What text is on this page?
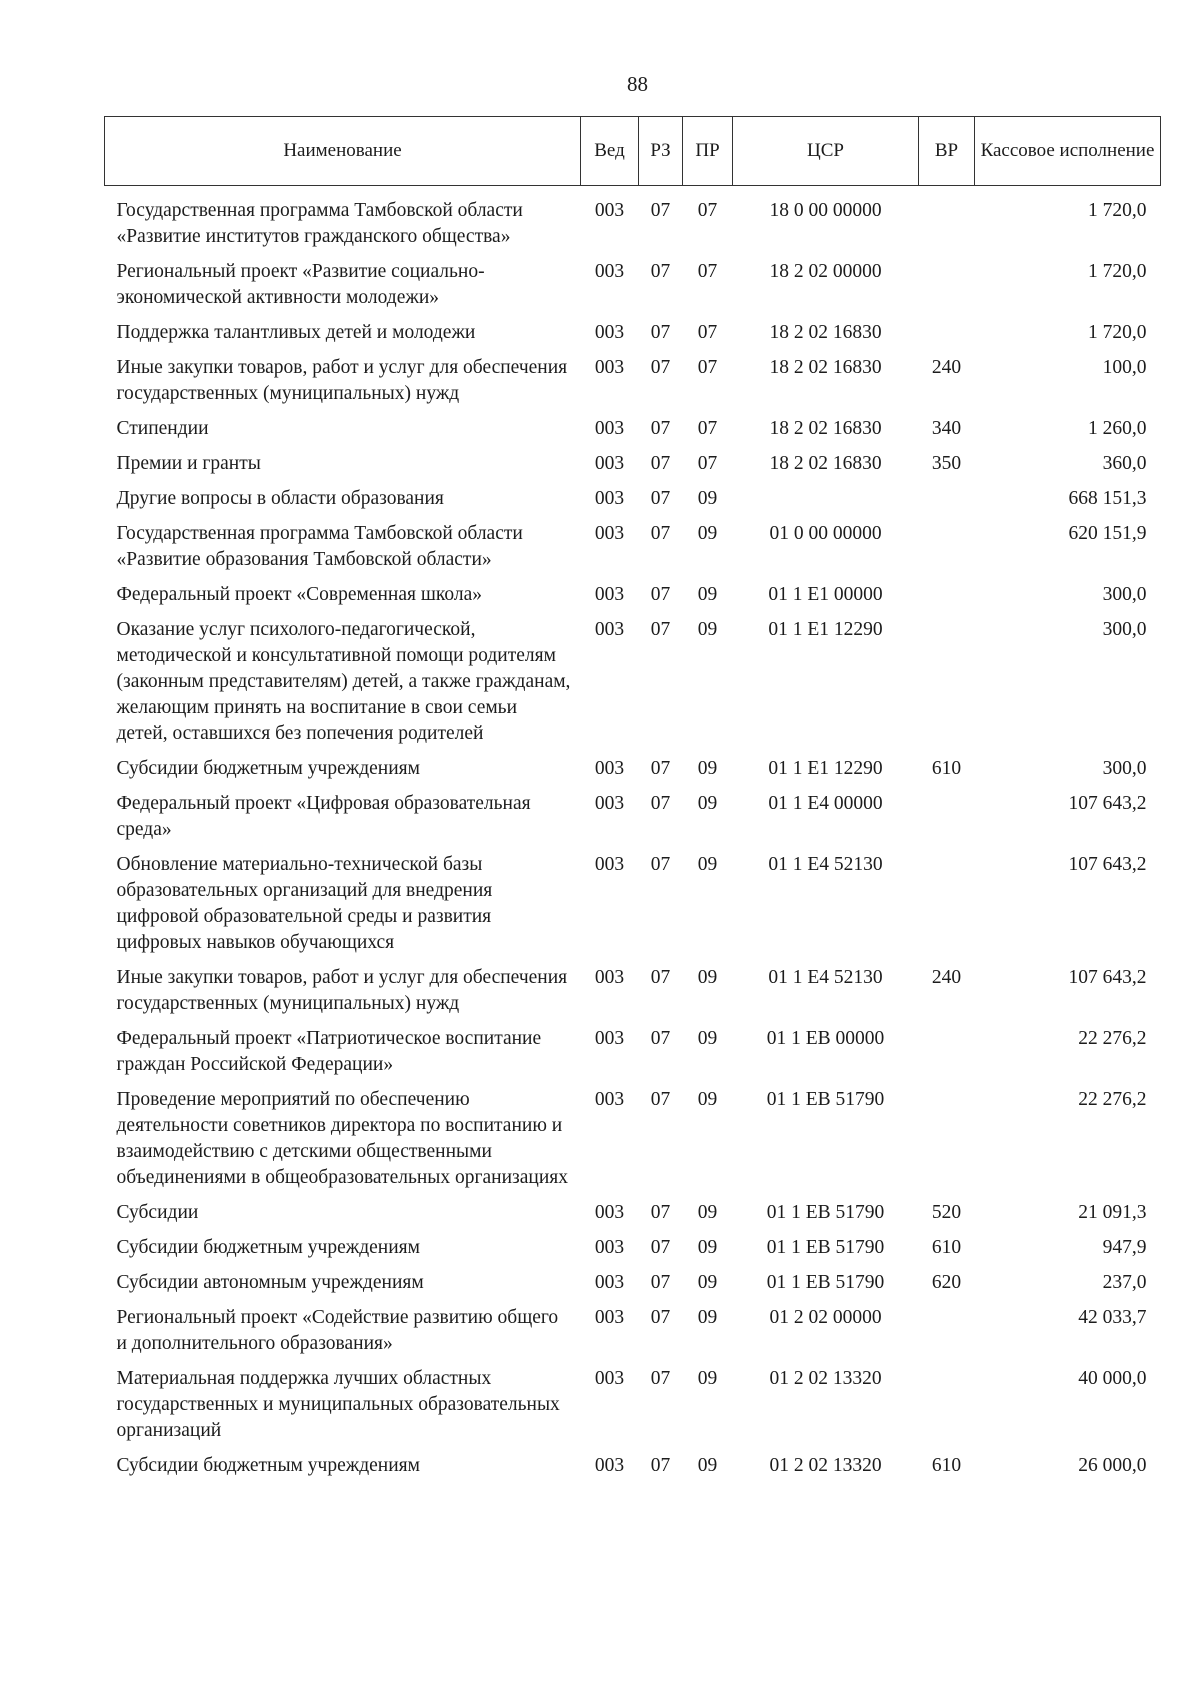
88
Наименование	Вед	РЗ	ПР	ЦСР	ВР	Кассовое исполнение
Государственная программа Тамбовской области «Развитие институтов гражданского общества»	003	07	07	18 0 00 00000		1 720,0
Региональный проект «Развитие социально-экономической активности молодежи»	003	07	07	18 2 02 00000		1 720,0
Поддержка талантливых детей и молодежи	003	07	07	18 2 02 16830		1 720,0
Иные закупки товаров, работ и услуг для обеспечения государственных (муниципальных) нужд	003	07	07	18 2 02 16830	240	100,0
Стипендии	003	07	07	18 2 02 16830	340	1 260,0
Премии и гранты	003	07	07	18 2 02 16830	350	360,0
Другие вопросы в области образования	003	07	09			668 151,3
Государственная программа Тамбовской области «Развитие образования Тамбовской области»	003	07	09	01 0 00 00000		620 151,9
Федеральный проект «Современная школа»	003	07	09	01 1 E1 00000		300,0
Оказание услуг психолого-педагогической, методической и консультативной помощи родителям (законным представителям) детей, а также гражданам, желающим принять на воспитание в свои семьи детей, оставшихся без попечения родителей	003	07	09	01 1 E1 12290		300,0
Субсидии бюджетным учреждениям	003	07	09	01 1 E1 12290	610	300,0
Федеральный проект «Цифровая образовательная среда»	003	07	09	01 1 E4 00000		107 643,2
Обновление материально-технической базы образовательных организаций для внедрения цифровой образовательной среды и развития цифровых навыков обучающихся	003	07	09	01 1 E4 52130		107 643,2
Иные закупки товаров, работ и услуг для обеспечения государственных (муниципальных) нужд	003	07	09	01 1 E4 52130	240	107 643,2
Федеральный проект «Патриотическое воспитание граждан Российской Федерации»	003	07	09	01 1 EB 00000		22 276,2
Проведение мероприятий по обеспечению деятельности советников директора по воспитанию и взаимодействию с детскими общественными объединениями в общеобразовательных организациях	003	07	09	01 1 EB 51790		22 276,2
Субсидии	003	07	09	01 1 EB 51790	520	21 091,3
Субсидии бюджетным учреждениям	003	07	09	01 1 EB 51790	610	947,9
Субсидии автономным учреждениям	003	07	09	01 1 EB 51790	620	237,0
Региональный проект «Содействие развитию общего и дополнительного образования»	003	07	09	01 2 02 00000		42 033,7
Материальная поддержка лучших областных государственных и муниципальных образовательных организаций	003	07	09	01 2 02 13320		40 000,0
Субсидии бюджетным учреждениям	003	07	09	01 2 02 13320	610	26 000,0
